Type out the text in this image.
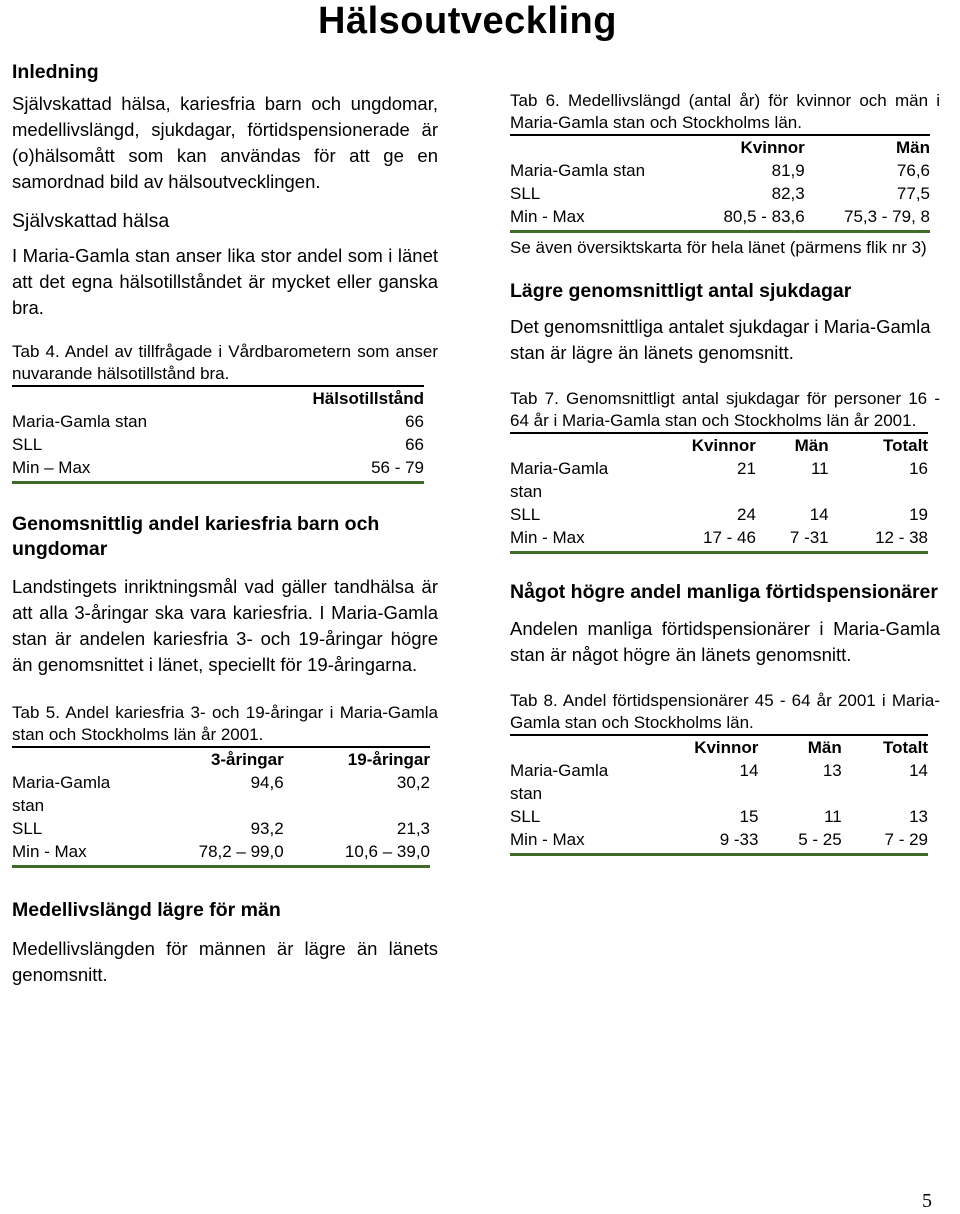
Hälsoutveckling
Inledning

Självskattad hälsa, kariesfria barn och ungdomar, medellivslängd, sjukdagar, förtidspensionerade är (o)hälsomått som kan användas för att ge en samordnad bild av hälsoutvecklingen.

Självskattad hälsa

I Maria-Gamla stan anser lika stor andel som i länet att det egna hälsotillståndet är mycket eller ganska bra.

Tab 4. Andel av tillfrågade i Vårdbarometern som anser nuvarande hälsotillstånd bra.

	Hälsotillstånd
Maria-Gamla stan	66
SLL	66
Min – Max	56 - 79
Genomsnittlig andel kariesfria barn och ungdomar

Landstingets inriktningsmål vad gäller tandhälsa är att alla 3-åringar ska vara kariesfria. I Maria-Gamla stan är andelen kariesfria 3- och 19-åringar högre än genomsnittet i länet, speciellt för 19-åringarna.

Tab 5. Andel kariesfria 3- och 19-åringar i Maria-Gamla stan och Stockholms län år 2001.

	3-åringar	19-åringar
Maria-Gamla stan	94,6	30,2
SLL	93,2	21,3
Min - Max	78,2 – 99,0	10,6 – 39,0
Medellivslängd lägre för män

Medellivslängden för männen är lägre än länets genomsnitt.

Tab 6. Medellivslängd (antal år) för kvinnor och män i Maria-Gamla stan och Stockholms län.

	Kvinnor	Män
Maria-Gamla stan	81,9	76,6
SLL	82,3	77,5
Min - Max	80,5 - 83,6	75,3 - 79, 8

Se även översiktskarta för hela länet (pärmens flik nr 3)

Lägre genomsnittligt antal sjukdagar

Det genomsnittliga antalet sjukdagar i Maria-Gamla stan är lägre än länets genomsnitt.

Tab 7. Genomsnittligt antal sjukdagar för personer 16 - 64 år i Maria-Gamla stan och Stockholms län år 2001.

	Kvinnor	Män	Totalt
Maria-Gamla stan	21	11	16
SLL	24	14	19
Min - Max	17 - 46	7 -31	12 - 38
Något högre andel manliga förtidspensionärer

Andelen manliga förtidspensionärer i Maria-Gamla stan är något högre än länets genomsnitt.

Tab 8. Andel förtidspensionärer 45 - 64 år 2001 i Maria-Gamla stan och Stockholms län.

	Kvinnor	Män	Totalt
Maria-Gamla stan	14	13	14
SLL	15	11	13
Min - Max	9 -33	5 - 25	7 - 29
5
